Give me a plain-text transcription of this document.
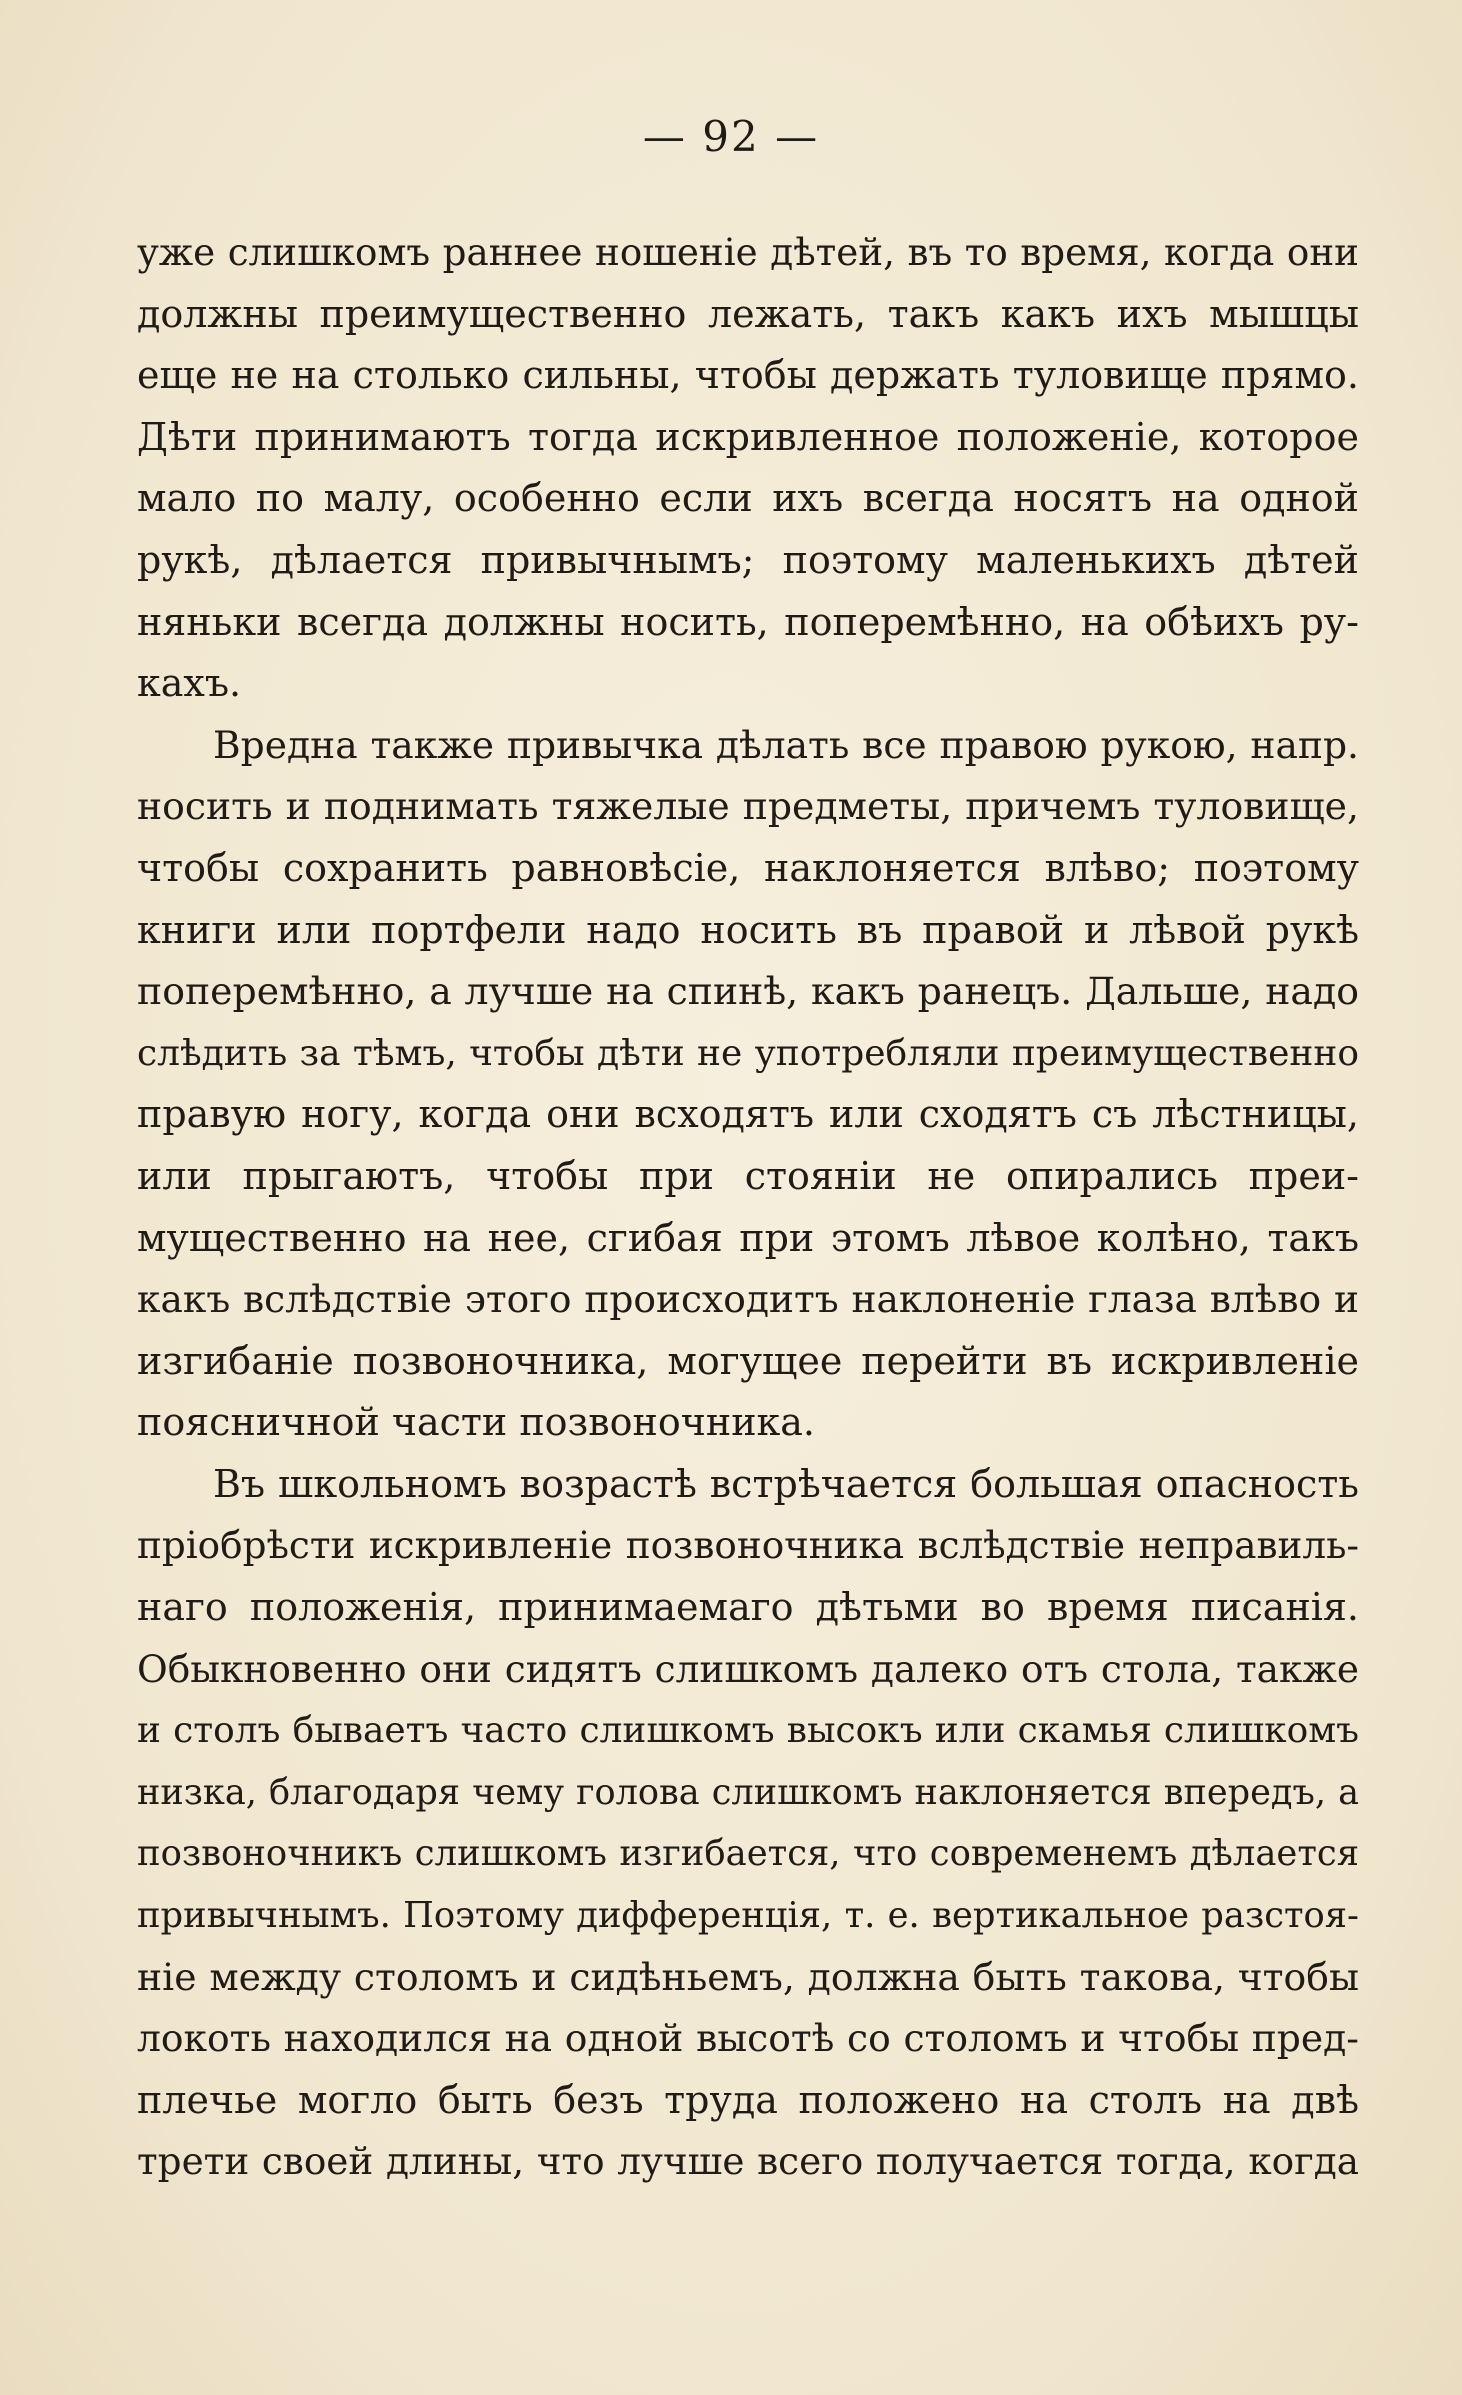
— 92 —
уже слишкомъ раннее ношеніе дѣтей, въ то время, когда они
должны преимущественно лежать, такъ какъ ихъ мышцы
еще не на столько сильны, чтобы держать туловище прямо.
Дѣти принимаютъ тогда искривленное положеніе, которое
мало по малу, особенно если ихъ всегда носятъ на одной
рукѣ, дѣлается привычнымъ; поэтому маленькихъ дѣтей
няньки всегда должны носить, поперемѣнно, на обѣихъ ру-
кахъ.
Вредна также привычка дѣлать все правою рукою, напр.
носить и поднимать тяжелые предметы, причемъ туловище,
чтобы сохранить равновѣсіе, наклоняется влѣво; поэтому
книги или портфели надо носить въ правой и лѣвой рукѣ
поперемѣнно, а лучше на спинѣ, какъ ранецъ. Дальше, надо
слѣдить за тѣмъ, чтобы дѣти не употребляли преимущественно
правую ногу, когда они всходятъ или сходятъ съ лѣстницы,
или прыгаютъ, чтобы при стояніи не опирались преи-
мущественно на нее, сгибая при этомъ лѣвое колѣно, такъ
какъ вслѣдствіе этого происходитъ наклоненіе глаза влѣво и
изгибаніе позвоночника, могущее перейти въ искривленіе
поясничной части позвоночника.
Въ школьномъ возрастѣ встрѣчается большая опасность
пріобрѣсти искривленіе позвоночника вслѣдствіе неправиль-
наго положенія, принимаемаго дѣтьми во время писанія.
Обыкновенно они сидятъ слишкомъ далеко отъ стола, также
и столъ бываетъ часто слишкомъ высокъ или скамья слишкомъ
низка, благодаря чему голова слишкомъ наклоняется впередъ, а
позвоночникъ слишкомъ изгибается, что современемъ дѣлается
привычнымъ. Поэтому дифференція, т. е. вертикальное разстоя-
ніе между столомъ и сидѣньемъ, должна быть такова, чтобы
локоть находился на одной высотѣ со столомъ и чтобы пред-
плечье могло быть безъ труда положено на столъ на двѣ
трети своей длины, что лучше всего получается тогда, когда
